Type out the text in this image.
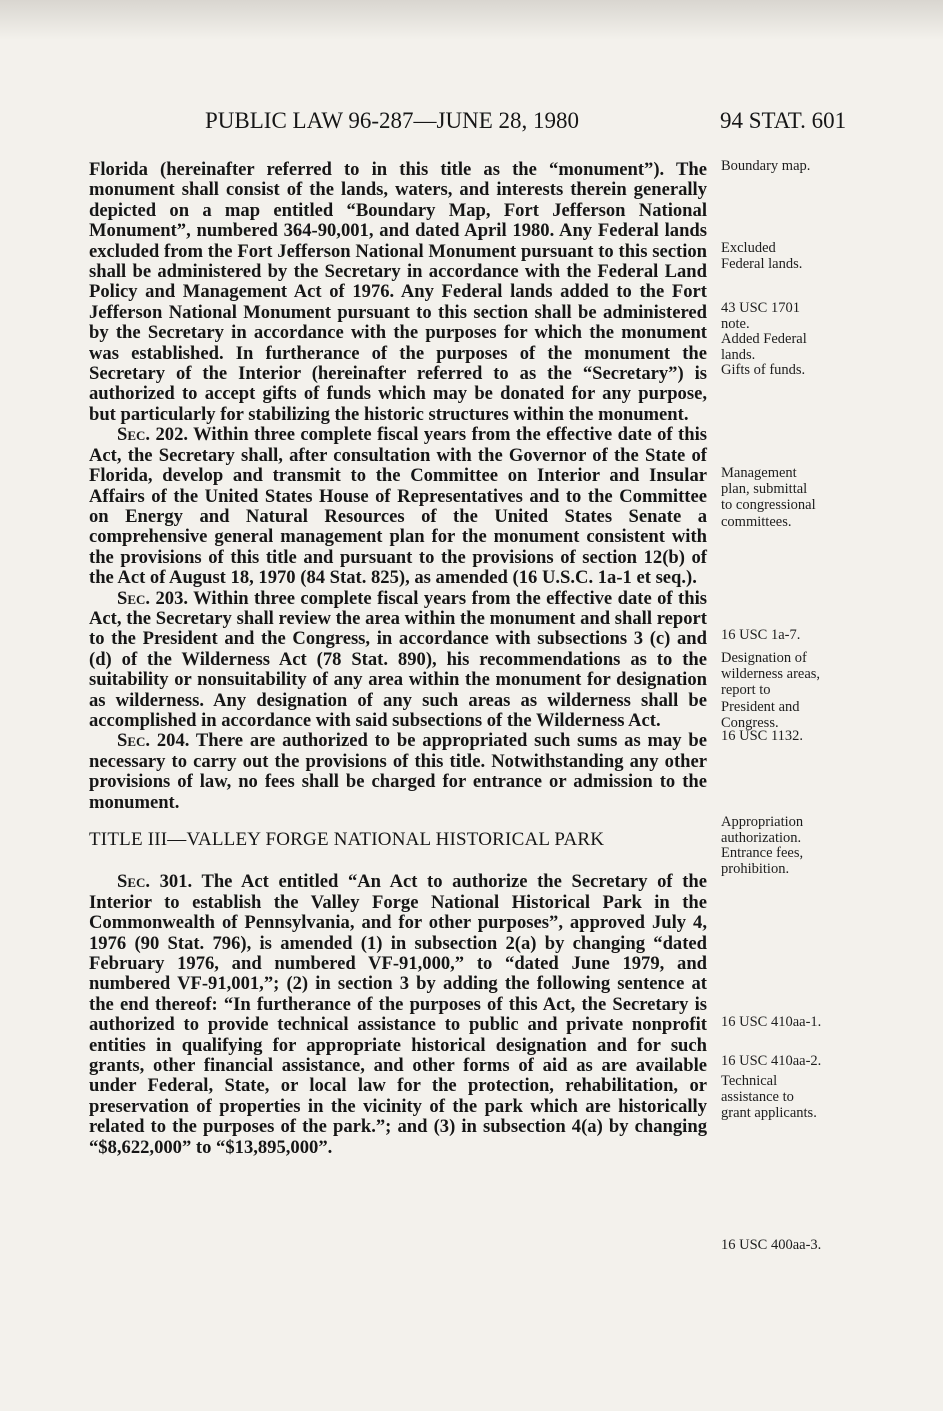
PUBLIC LAW 96-287—JUNE 28, 1980	94 STAT. 601

Florida (hereinafter referred to in this title as the “monument”). The monument shall consist of the lands, waters, and interests therein generally depicted on a map entitled “Boundary Map, Fort Jefferson National Monument”, numbered 364-90,001, and dated April 1980. Any Federal lands excluded from the Fort Jefferson National Monument pursuant to this section shall be administered by the Secretary in accordance with the Federal Land Policy and Management Act of 1976. Any Federal lands added to the Fort Jefferson National Monument pursuant to this section shall be administered by the Secretary in accordance with the purposes for which the monument was established. In furtherance of the purposes of the monument the Secretary of the Interior (hereinafter referred to as the “Secretary”) is authorized to accept gifts of funds which may be donated for any purpose, but particularly for stabilizing the historic structures within the monument.

Sec. 202. Within three complete fiscal years from the effective date of this Act, the Secretary shall, after consultation with the Governor of the State of Florida, develop and transmit to the Committee on Interior and Insular Affairs of the United States House of Representatives and to the Committee on Energy and Natural Resources of the United States Senate a comprehensive general management plan for the monument consistent with the provisions of this title and pursuant to the provisions of section 12(b) of the Act of August 18, 1970 (84 Stat. 825), as amended (16 U.S.C. 1a-1 et seq.).

Sec. 203. Within three complete fiscal years from the effective date of this Act, the Secretary shall review the area within the monument and shall report to the President and the Congress, in accordance with subsections 3 (c) and (d) of the Wilderness Act (78 Stat. 890), his recommendations as to the suitability or nonsuitability of any area within the monument for designation as wilderness. Any designation of any such areas as wilderness shall be accomplished in accordance with said subsections of the Wilderness Act.

Sec. 204. There are authorized to be appropriated such sums as may be necessary to carry out the provisions of this title. Notwithstanding any other provisions of law, no fees shall be charged for entrance or admission to the monument.

TITLE III—VALLEY FORGE NATIONAL HISTORICAL PARK

Sec. 301. The Act entitled “An Act to authorize the Secretary of the Interior to establish the Valley Forge National Historical Park in the Commonwealth of Pennsylvania, and for other purposes”, approved July 4, 1976 (90 Stat. 796), is amended (1) in subsection 2(a) by changing “dated February 1976, and numbered VF-91,000,” to “dated June 1979, and numbered VF-91,001,”; (2) in section 3 by adding the following sentence at the end thereof: “In furtherance of the purposes of this Act, the Secretary is authorized to provide technical assistance to public and private nonprofit entities in qualifying for appropriate historical designation and for such grants, other financial assistance, and other forms of aid as are available under Federal, State, or local law for the protection, rehabilitation, or preservation of properties in the vicinity of the park which are historically related to the purposes of the park.”; and (3) in subsection 4(a) by changing “$8,622,000” to “$13,895,000”.

Boundary map.
Excluded
Federal lands.
43 USC 1701
note.
Added Federal
lands.
Gifts of funds.
Management
plan, submittal
to congressional
committees.
16 USC 1a-7.
Designation of
wilderness areas,
report to
President and
Congress.
16 USC 1132.
Appropriation
authorization.
Entrance fees,
prohibition.
16 USC 410aa-1.
16 USC 410aa-2.
Technical
assistance to
grant applicants.
16 USC 400aa-3.
